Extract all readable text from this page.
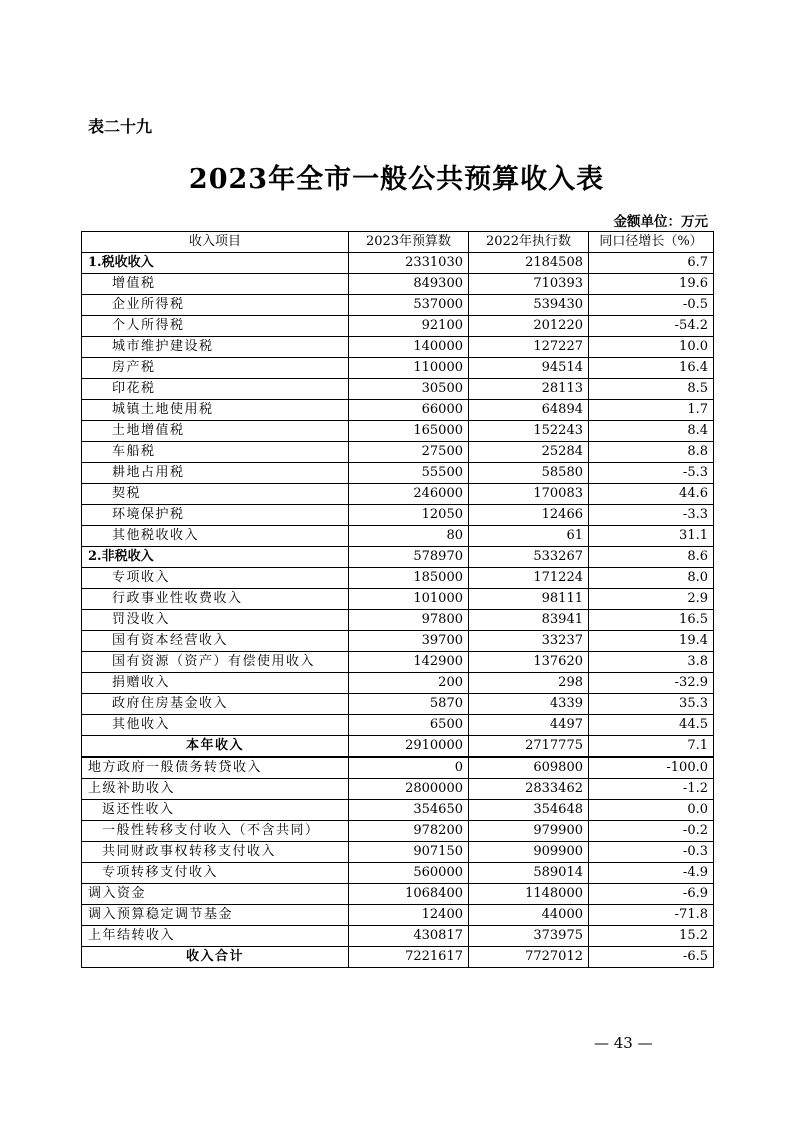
表二十九
2023年全市一般公共预算收入表
金额单位：万元
收入项目	2023年预算数	2022年执行数	同口径增长（%）
1.税收收入	2331030	2184508	6.7
增值税	849300	710393	19.6
企业所得税	537000	539430	-0.5
个人所得税	92100	201220	-54.2
城市维护建设税	140000	127227	10.0
房产税	110000	94514	16.4
印花税	30500	28113	8.5
城镇土地使用税	66000	64894	1.7
土地增值税	165000	152243	8.4
车船税	27500	25284	8.8
耕地占用税	55500	58580	-5.3
契税	246000	170083	44.6
环境保护税	12050	12466	-3.3
其他税收收入	80	61	31.1
2.非税收入	578970	533267	8.6
专项收入	185000	171224	8.0
行政事业性收费收入	101000	98111	2.9
罚没收入	97800	83941	16.5
国有资本经营收入	39700	33237	19.4
国有资源（资产）有偿使用收入	142900	137620	3.8
捐赠收入	200	298	-32.9
政府住房基金收入	5870	4339	35.3
其他收入	6500	4497	44.5
本年收入	2910000	2717775	7.1
地方政府一般债务转贷收入	0	609800	-100.0
上级补助收入	2800000	2833462	-1.2
返还性收入	354650	354648	0.0
一般性转移支付收入（不含共同）	978200	979900	-0.2
共同财政事权转移支付收入	907150	909900	-0.3
专项转移支付收入	560000	589014	-4.9
调入资金	1068400	1148000	-6.9
调入预算稳定调节基金	12400	44000	-71.8
上年结转收入	430817	373975	15.2
收入合计	7221617	7727012	-6.5
— 43 —
